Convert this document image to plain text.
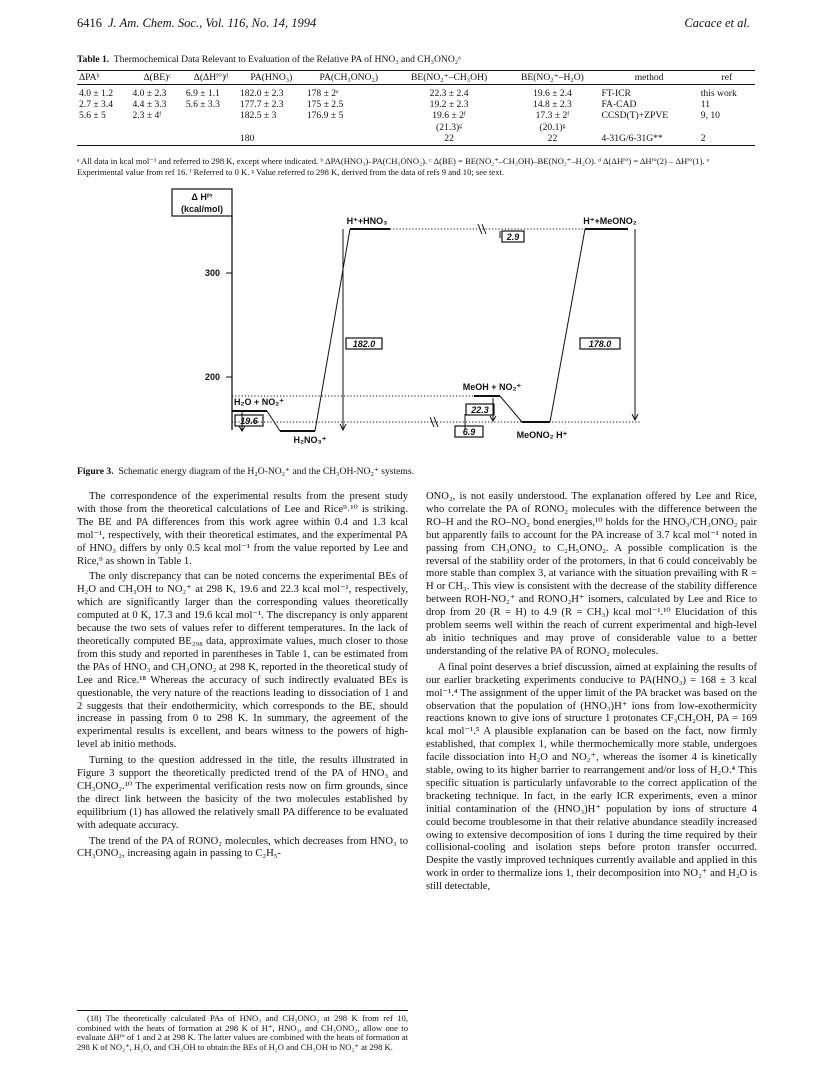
6416 J. Am. Chem. Soc., Vol. 116, No. 14, 1994	Cacace et al.
Table 1. Thermochemical Data Relevant to Evaluation of the Relative PA of HNO₃ and CH₃ONO₂ᵃ
ΔPAᵇ	Δ(BE)ᶜ	Δ(ΔHᶠ°)ᵈ	PA(HNO₃)	PA(CH₃ONO₂)	BE(NO₂⁺–CH₃OH)	BE(NO₂⁺–H₂O)	method	ref
4.0 ± 1.2	4.0 ± 2.3	6.9 ± 1.1	182.0 ± 2.3	178 ± 2ᵉ	22.3 ± 2.4	19.6 ± 2.4	FT-ICR	this work
2.7 ± 3.4	4.4 ± 3.3	5.6 ± 3.3	177.7 ± 2.3	175 ± 2.5	19.2 ± 2.3	14.8 ± 2.3	FA-CAD	11
5.6 ± 5	2.3 ± 4ᶠ		182.5 ± 3	176.9 ± 5	19.6 ± 2ᶠ	17.3 ± 2ᶠ	CCSD(T)+ZPVE	9, 10
					(21.3)ᵍ	(20.1)ᵍ		
			180		22	22	4-31G/6-31G**	2
ᵃ All data in kcal mol⁻¹ and referred to 298 K, except where indicated. ᵇ ΔPA(HNO₃)–PA(CH₃ONO₂). ᶜ Δ(BE) = BE(NO₂⁺–CH₃OH)–BE(NO₂⁺–H₂O). ᵈ Δ(ΔHᶠ°) = ΔHᶠ°(2) – ΔHᶠ°(1). ᵉ Experimental value from ref 16. ᶠ Referred to 0 K. ᵍ Value referred to 298 K, derived from the data of refs 9 and 10; see text.
Δ Hᶠ°
(kcal/mol)
300
200
182.0	178.0
2.9
19.6
22.3
6.9
H⁺+HNO₃	H⁺+MeONO₂
H₂O + NO₂⁺
MeOH + NO₂⁺
H₂NO₃⁺	MeONO₂ H⁺
Figure 3. Schematic energy diagram of the H₂O-NO₂⁺ and the CH₃OH-NO₂⁺ systems.

The correspondence of the experimental results from the present study with those from the theoretical calculations of Lee and Rice⁹˒¹⁰ is striking. The BE and PA differences from this work agree within 0.4 and 1.3 kcal mol⁻¹, respectively, with their theoretical estimates, and the experimental PA of HNO₃ differs by only 0.5 kcal mol⁻¹ from the value reported by Lee and Rice,⁹ as shown in Table 1.

The only discrepancy that can be noted concerns the experimental BEs of H₂O and CH₃OH to NO₂⁺ at 298 K, 19.6 and 22.3 kcal mol⁻¹, respectively, which are significantly larger than the corresponding values theoretically computed at 0 K, 17.3 and 19.6 kcal mol⁻¹. The discrepancy is only apparent because the two sets of values refer to different temperatures. In the lack of theoretically computed BE₂₉₈ data, approximate values, much closer to those from this study and reported in parentheses in Table 1, can be estimated from the PAs of HNO₃ and CH₃ONO₂ at 298 K, reported in the theoretical study of Lee and Rice.¹⁸ Whereas the accuracy of such indirectly evaluated BEs is questionable, the very nature of the reactions leading to dissociation of 1 and 2 suggests that their endothermicity, which corresponds to the BE, should increase in passing from 0 to 298 K. In summary, the agreement of the experimental results is excellent, and bears witness to the powers of high-level ab initio methods.

Turning to the question addressed in the title, the results illustrated in Figure 3 support the theoretically predicted trend of the PA of HNO₃ and CH₃ONO₂.¹⁰ The experimental verification rests now on firm grounds, since the direct link between the basicity of the two molecules established by equilibrium (1) has allowed the relatively small PA difference to be evaluated with adequate accuracy.

The trend of the PA of RONO₂ molecules, which decreases from HNO₃ to CH₃ONO₂, increasing again in passing to C₂H₅-

ONO₂, is not easily understood. The explanation offered by Lee and Rice, who correlate the PA of RONO₂ molecules with the difference between the RO–H and the RO–NO₂ bond energies,¹⁰ holds for the HNO₃/CH₃ONO₂ pair but apparently fails to account for the PA increase of 3.7 kcal mol⁻¹ noted in passing from CH₃ONO₂ to C₂H₅ONO₂. A possible complication is the reversal of the stability order of the protomers, in that 6 could conceivably be more stable than complex 3, at variance with the situation prevailing with R = H or CH₃. This view is consistent with the decrease of the stability difference between ROH-NO₂⁺ and RONO₂H⁺ isomers, calculated by Lee and Rice to drop from 20 (R = H) to 4.9 (R = CH₃) kcal mol⁻¹.¹⁰ Elucidation of this problem seems well within the reach of current experimental and high-level ab initio techniques and may prove of considerable value to a better understanding of the relative PA of RONO₂ molecules.

A final point deserves a brief discussion, aimed at explaining the results of our earlier bracketing experiments conducive to PA(HNO₃) = 168 ± 3 kcal mol⁻¹.⁴ The assignment of the upper limit of the PA bracket was based on the observation that the population of (HNO₃)H⁺ ions from low-exothermicity reactions known to give ions of structure 1 protonates CF₃CH₂OH, PA = 169 kcal mol⁻¹.⁵ A plausible explanation can be based on the fact, now firmly established, that complex 1, while thermochemically more stable, undergoes facile dissociation into H₂O and NO₂⁺, whereas the isomer 4 is kinetically stable, owing to its higher barrier to rearrangement and/or loss of H₂O.⁴ This specific situation is particularly unfavorable to the correct application of the bracketing technique. In fact, in the early ICR experiments, even a minor initial contamination of the (HNO₃)H⁺ population by ions of structure 4 could become troublesome in that their relative abundance steadily increased owing to extensive decomposition of ions 1 during the time required by their collisional-cooling and isolation steps before proton transfer occurred. Despite the vastly improved techniques currently available and applied in this work in order to thermalize ions 1, their decomposition into NO₂⁺ and H₂O is still detectable,

(18) The theoretically calculated PAs of HNO₃ and CH₃ONO₂ at 298 K from ref 10, combined with the heats of formation at 298 K of H⁺, HNO₃, and CH₃ONO₂, allow one to evaluate ΔHᶠ° of 1 and 2 at 298 K. The latter values are combined with the heats of formation at 298 K of NO₂⁺, H₂O, and CH₃OH to obtain the BEs of H₂O and CH₃OH to NO₂⁺ at 298 K.
